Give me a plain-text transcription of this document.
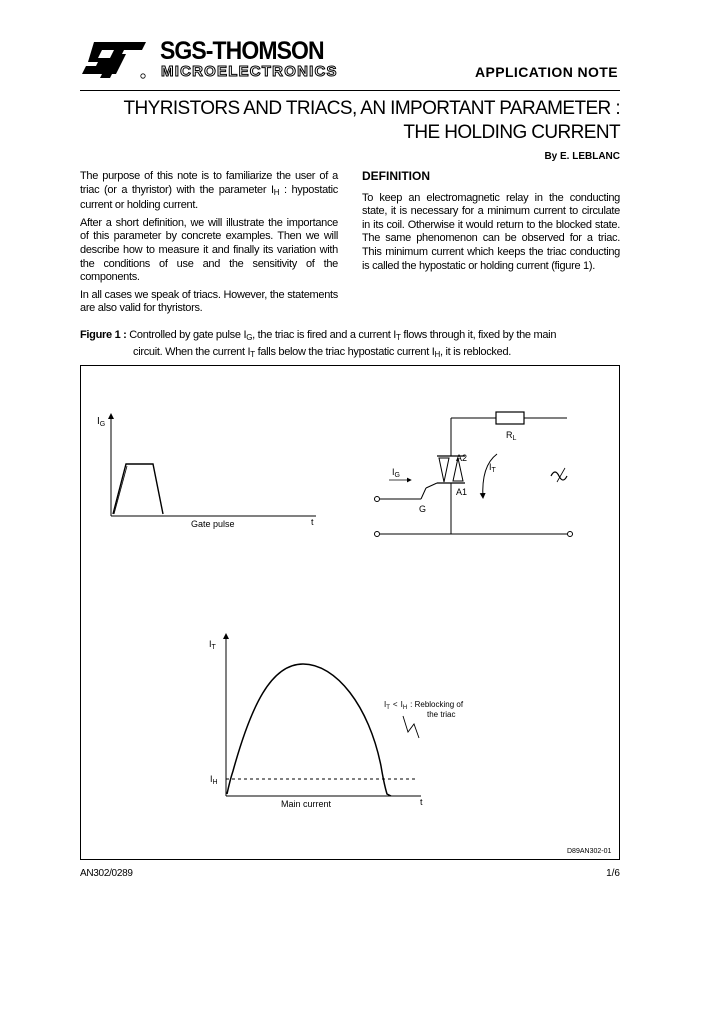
SGS-THOMSON
MICROELECTRONICS	APPLICATION NOTE
THYRISTORS AND TRIACS, AN IMPORTANT PARAMETER :
THE HOLDING CURRENT
By E. LEBLANC

The purpose of this note is to familiarize the user of a triac (or a thyristor) with the parameter $I_H$ : hypostatic current or holding current.

After a short definition, we will illustrate the importance of this parameter by concrete examples. Then we will describe how to measure it and finally its variation with the conditions of use and the sensitivity of the components.

In all cases we speak of triacs. However, the statements are also valid for thyristors.

DEFINITION

To keep an electromagnetic relay in the conducting state, it is necessary for a minimum current to circulate in its coil. Otherwise it would return to the blocked state. The same phenomenon can be observed for a triac. This minimum current which keeps the triac conducting is called the hypostatic or holding current (figure 1).

Figure 1 : Controlled by gate pulse $I_G$, the triac is fired and a current $I_T$ flows through it, fixed by the main
circuit. When the current $I_T$ falls below the triac hypostatic current $I_H$, it is reblocked.
$I_G$
Gate pulse	t
$R_L$
$I_G$
$I_T$
A2
A1
G
$I_T$
$I_H$
Main current	t
$I_T < I_H$ : Reblocking of
the triac
D89AN302-01
AN302/0289	1/6
